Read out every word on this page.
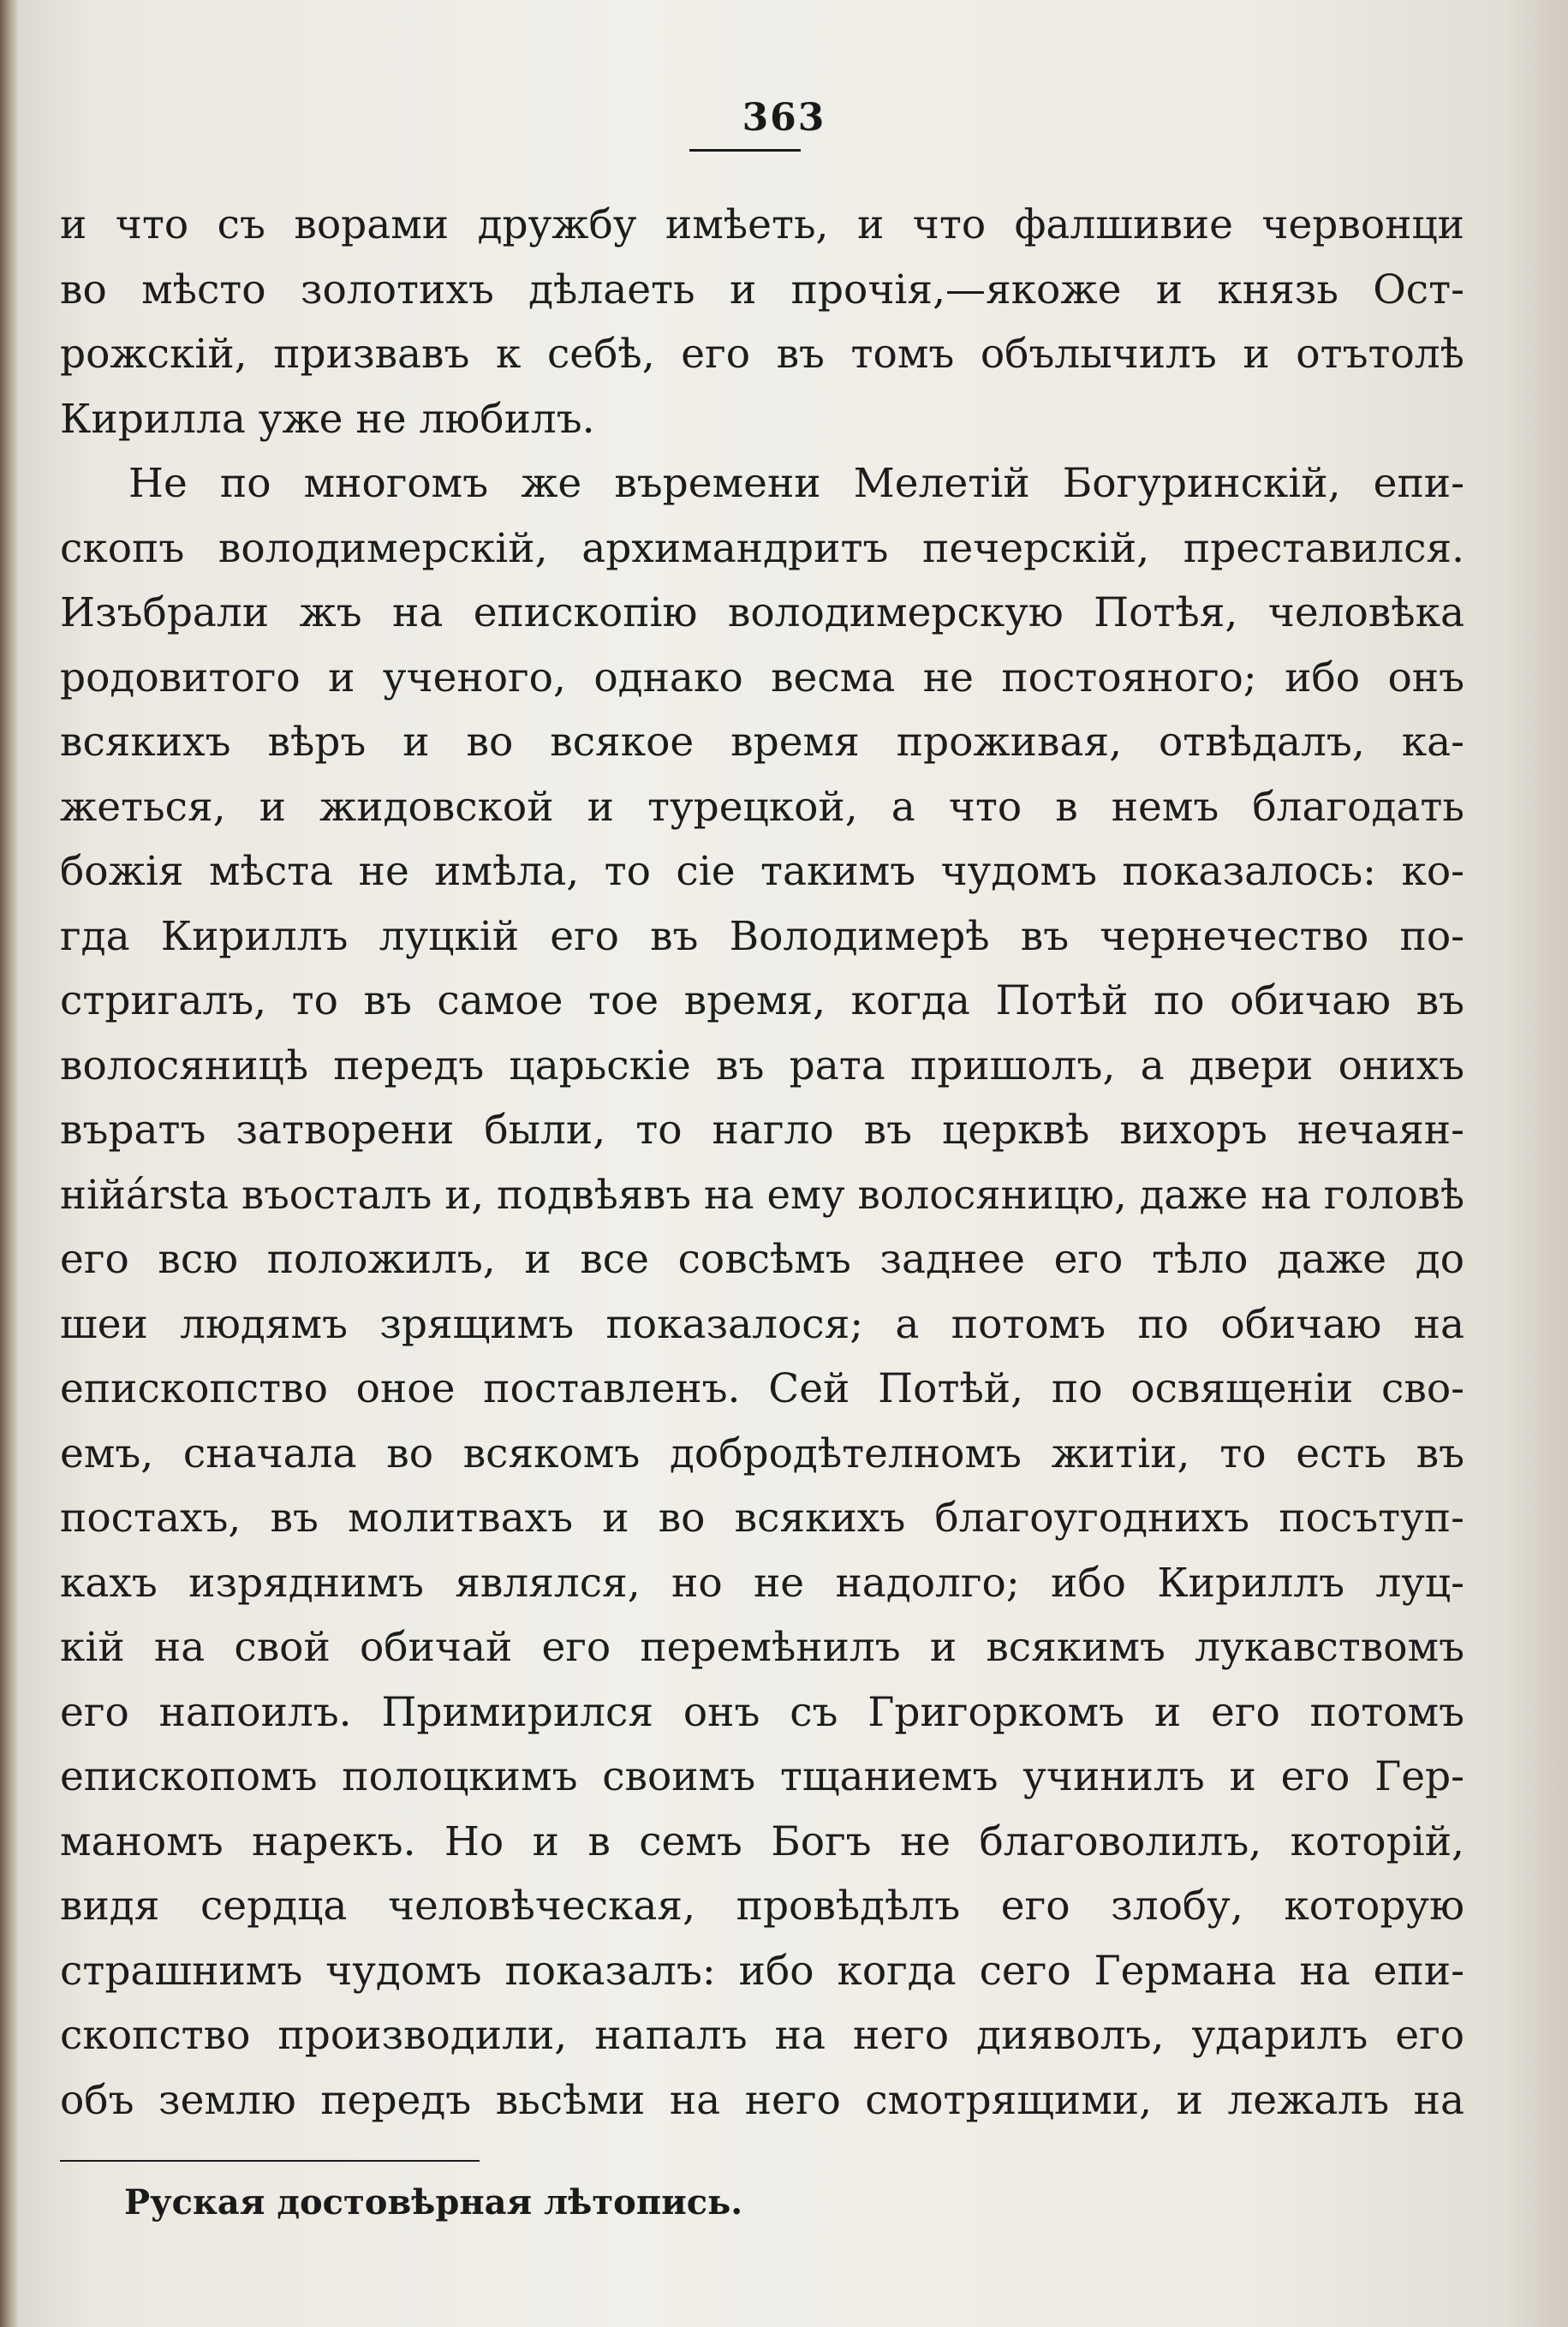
363
и что съ ворами дружбу имѣеть, и что фалшивие червонци
во мѣсто золотихъ дѣлаеть и прочія,—якоже и князь Ост-
рожскій, призвавъ к себѣ, его въ томъ обълычилъ и отътолѣ
Кирилла уже не любилъ.
Не по многомъ же въремени Мелетій Богуринскій, епи-
скопъ володимерскій, архимандритъ печерскій, преставился.
Изъбрали жъ на епископію володимерскую Потѣя, человѣка
родовитого и ученого, однако весма не постояного; ибо онъ
всякихъ вѣръ и во всякое время проживая, отвѣдалъ, ка-
жеться, и жидовской и турецкой, а что в немъ благодать
божія мѣста не имѣла, то сіе такимъ чудомъ показалось: ко-
гда Кириллъ луцкій его въ Володимерѣ въ чернечество по-
стригалъ, то въ самое тое время, когда Потѣй по обичаю въ
волосяницѣ передъ царьскіе въ рата пришолъ, а двери онихъ
въратъ затворени были, то нагло въ церквѣ вихоръ нечаян-
нійársta въосталъ и, подвѣявъ на ему волосяницю, даже на головѣ
его всю положилъ, и все совсѣмъ заднее его тѣло даже до
шеи людямъ зрящимъ показалося; а потомъ по обичаю на
епископство оное поставленъ. Сей Потѣй, по освященіи сво-
емъ, сначала во всякомъ добродѣтелномъ житіи, то есть въ
постахъ, въ молитвахъ и во всякихъ благоугоднихъ посътуп-
кахъ изряднимъ являлся, но не надолго; ибо Кириллъ луц-
кій на свой обичай его перемѣнилъ и всякимъ лукавствомъ
его напоилъ. Примирился онъ съ Григоркомъ и его потомъ
епископомъ полоцкимъ своимъ тщаниемъ учинилъ и его Гер-
маномъ нарекъ. Но и в семъ Богъ не благоволилъ, которій,
видя сердца человѣческая, провѣдѣлъ его злобу, которую
страшнимъ чудомъ показалъ: ибо когда сего Германа на епи-
скопство производили, напалъ на него дияволъ, ударилъ его
объ землю передъ вьсѣми на него смотрящими, и лежалъ на
Руская достовѣрная лѣтопись.
